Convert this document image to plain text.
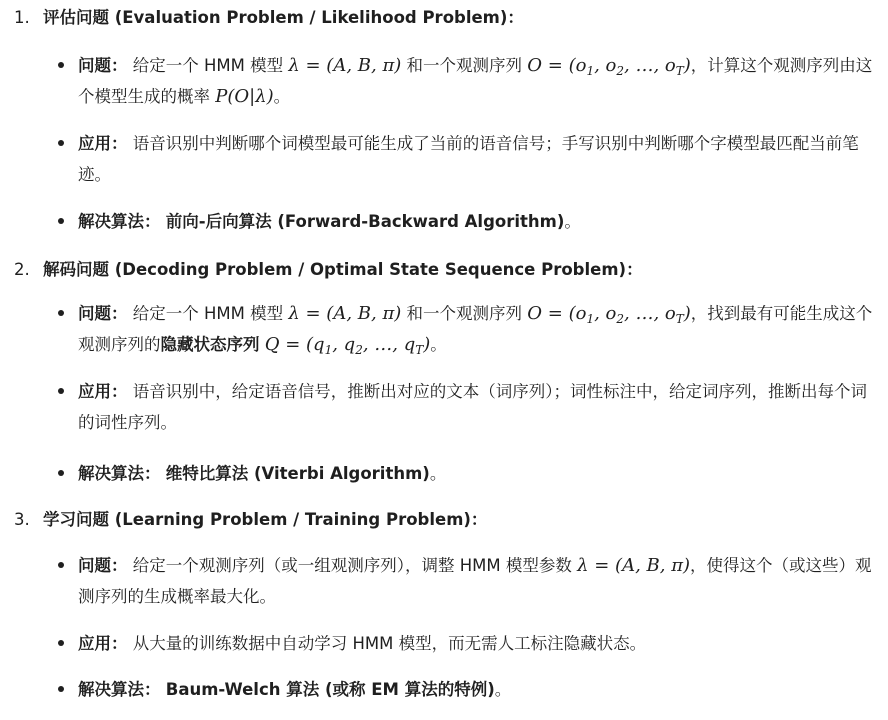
1. 评估问题 (Evaluation Problem / Likelihood Problem)：
问题： 给定一个 HMM 模型 λ = (A, B, π) 和一个观测序列 $O = (o_1$, $o_2$, …, $o_T$)，计算这个观测序列由这个模型生成的概率 P(O|λ)。
应用： 语音识别中判断哪个词模型最可能生成了当前的语音信号；手写识别中判断哪个字模型最匹配当前笔迹。
解决算法： 前向-后向算法 (Forward-Backward Algorithm)。
2. 解码问题 (Decoding Problem / Optimal State Sequence Problem)：
问题： 给定一个 HMM 模型 λ = (A, B, π) 和一个观测序列 $O = (o_1$, $o_2$, …, $o_T$)，找到最有可能生成这个观测序列的隐藏状态序列 $Q = (q_1$, $q_2$, …, $q_T$)。
应用： 语音识别中，给定语音信号，推断出对应的文本（词序列）；词性标注中，给定词序列，推断出每个词的词性序列。
解决算法： 维特比算法 (Viterbi Algorithm)。
3. 学习问题 (Learning Problem / Training Problem)：
问题： 给定一个观测序列（或一组观测序列），调整 HMM 模型参数 λ = (A, B, π)，使得这个（或这些）观测序列的生成概率最大化。
应用： 从大量的训练数据中自动学习 HMM 模型，而无需人工标注隐藏状态。
解决算法： Baum-Welch 算法 (或称 EM 算法的特例)。
